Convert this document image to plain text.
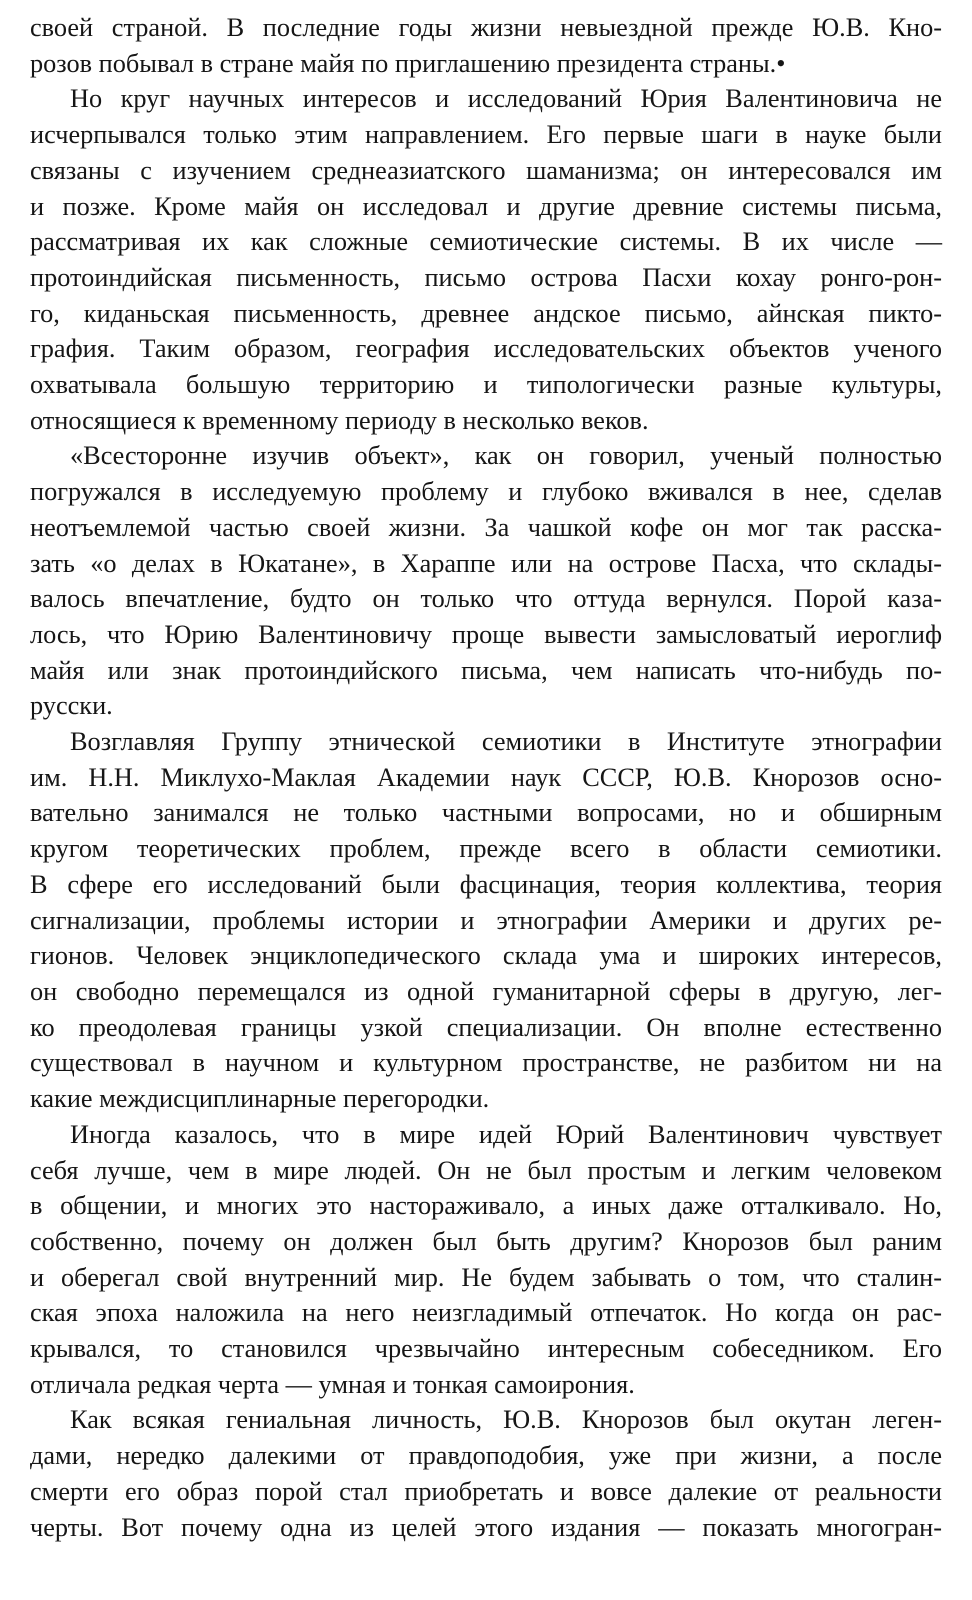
своей страной. В последние годы жизни невыездной прежде Ю.В. Кно-
розов побывал в стране майя по приглашению президента страны.•
Но круг научных интересов и исследований Юрия Валентиновича не
исчерпывался только этим направлением. Его первые шаги в науке были
связаны с изучением среднеазиатского шаманизма; он интересовался им
и позже. Кроме майя он исследовал и другие древние системы письма,
рассматривая их как сложные семиотические системы. В их числе —
протоиндийская письменность, письмо острова Пасхи кохау ронго-рон-
го, киданьская письменность, древнее андское письмо, айнская пикто-
графия. Таким образом, география исследовательских объектов ученого
охватывала большую территорию и типологически разные культуры,
относящиеся к временному периоду в несколько веков.
«Всесторонне изучив объект», как он говорил, ученый полностью
погружался в исследуемую проблему и глубоко вживался в нее, сделав
неотъемлемой частью своей жизни. За чашкой кофе он мог так расска-
зать «о делах в Юкатане», в Хараппе или на острове Пасха, что склады-
валось впечатление, будто он только что оттуда вернулся. Порой каза-
лось, что Юрию Валентиновичу проще вывести замысловатый иероглиф
майя или знак протоиндийского письма, чем написать что-нибудь по-
русски.
Возглавляя Группу этнической семиотики в Институте этнографии
им. Н.Н. Миклухо-Маклая Академии наук СССР, Ю.В. Кнорозов осно-
вательно занимался не только частными вопросами, но и обширным
кругом теоретических проблем, прежде всего в области семиотики.
В сфере его исследований были фасцинация, теория коллектива, теория
сигнализации, проблемы истории и этнографии Америки и других ре-
гионов. Человек энциклопедического склада ума и широких интересов,
он свободно перемещался из одной гуманитарной сферы в другую, лег-
ко преодолевая границы узкой специализации. Он вполне естественно
существовал в научном и культурном пространстве, не разбитом ни на
какие междисциплинарные перегородки.
Иногда казалось, что в мире идей Юрий Валентинович чувствует
себя лучше, чем в мире людей. Он не был простым и легким человеком
в общении, и многих это настораживало, а иных даже отталкивало. Но,
собственно, почему он должен был быть другим? Кнорозов был раним
и оберегал свой внутренний мир. Не будем забывать о том, что сталин-
ская эпоха наложила на него неизгладимый отпечаток. Но когда он рас-
крывался, то становился чрезвычайно интересным собеседником. Его
отличала редкая черта — умная и тонкая самоирония.
Как всякая гениальная личность, Ю.В. Кнорозов был окутан леген-
дами, нередко далекими от правдоподобия, уже при жизни, а после
смерти его образ порой стал приобретать и вовсе далекие от реальности
черты. Вот почему одна из целей этого издания — показать многогран-
